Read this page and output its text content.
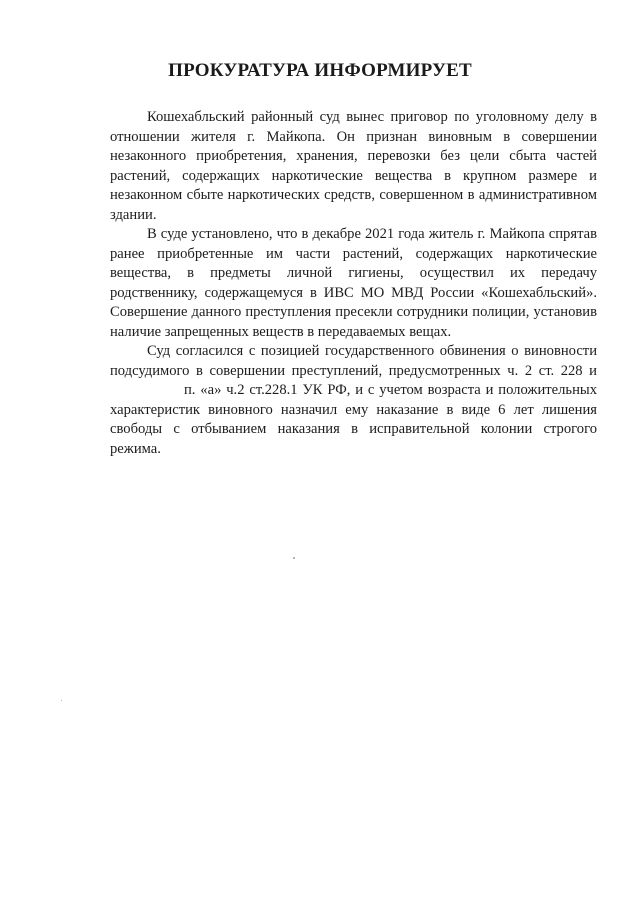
ПРОКУРАТУРА ИНФОРМИРУЕТ

Кошехабльский районный суд вынес приговор по уголовному делу в отношении жителя г. Майкопа. Он признан виновным в совершении незаконного приобретения, хранения, перевозки без цели сбыта частей растений, содержащих наркотические вещества в крупном размере и незаконном сбыте наркотических средств, совершенном в административном здании.

В суде установлено, что в декабре 2021 года житель г. Майкопа спрятав ранее приобретенные им части растений, содержащих наркотические вещества, в предметы личной гигиены, осуществил их передачу родственнику, содержащемуся в ИВС МО МВД России «Кошехабльский». Совершение данного преступления пресекли сотрудники полиции, установив наличие запрещенных веществ в передаваемых вещах.

Суд согласился с позицией государственного обвинения о виновности подсудимого в совершении преступлений, предусмотренных ч. 2 ст. 228 ип. «а» ч.2 ст.228.1 УК РФ, и с учетом возраста и положительных характеристик виновного назначил ему наказание в виде 6 лет лишения свободы с отбыванием наказания в исправительной колонии строгого режима.
